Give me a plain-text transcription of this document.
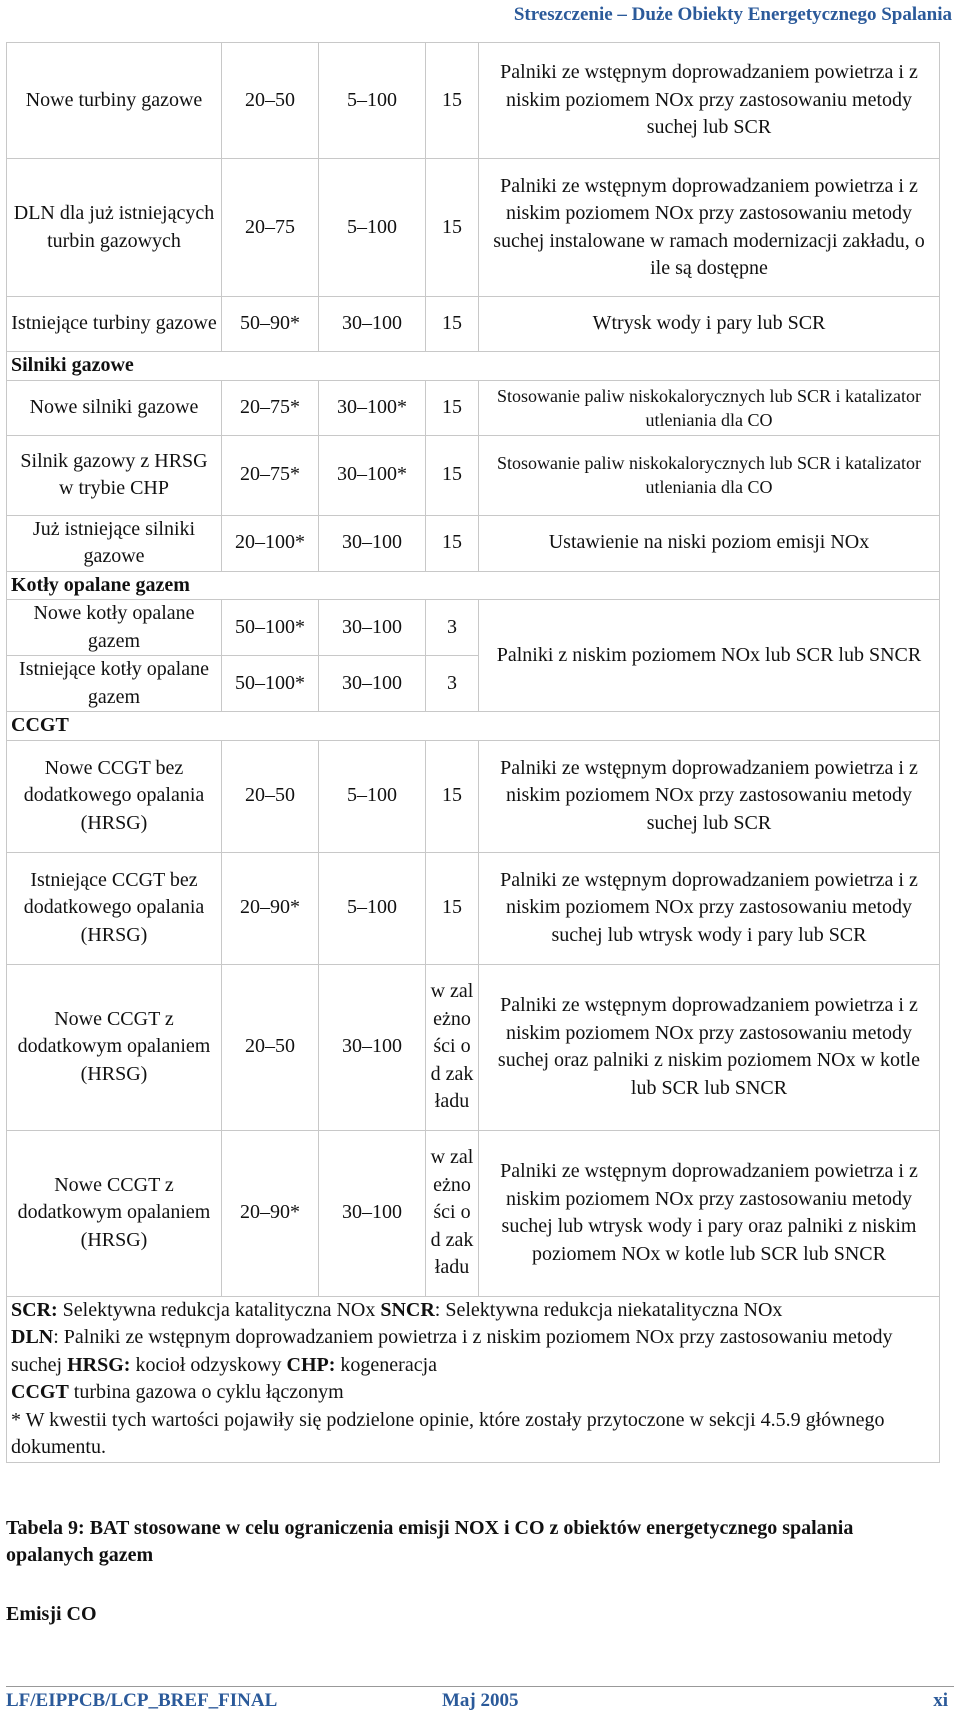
Streszczenie – Duże Obiekty Energetycznego Spalania
Nowe turbiny gazowe	20–50	5–100	15	Palniki ze wstępnym doprowadzaniem powietrza i z niskim poziomem NOx przy zastosowaniu metody suchej lub SCR
DLN dla już istniejących turbin gazowych	20–75	5–100	15	Palniki ze wstępnym doprowadzaniem powietrza i z niskim poziomem NOx przy zastosowaniu metody suchej instalowane w ramach modernizacji zakładu, o ile są dostępne
Istniejące turbiny gazowe	50–90*	30–100	15	Wtrysk wody i pary lub SCR
Silniki gazowe				
Nowe silniki gazowe	20–75*	30–100*	15	Stosowanie paliw niskokalorycznych lub SCR i katalizator utleniania dla CO
Silnik gazowy z HRSG w trybie CHP	20–75*	30–100*	15	Stosowanie paliw niskokalorycznych lub SCR i katalizator utleniania dla CO
Już istniejące silniki gazowe	20–100*	30–100	15	Ustawienie na niski poziom emisji NOx
Kotły opalane gazem				
Nowe kotły opalane gazem	50–100*	30–100	3	Palniki z niskim poziomem NOx lub SCR lub SNCR
Istniejące kotły opalane gazem	50–100*	30–100	3	
CCGT				
Nowe CCGT bez dodatkowego opalania (HRSG)	20–50	5–100	15	Palniki ze wstępnym doprowadzaniem powietrza i z niskim poziomem NOx przy zastosowaniu metody suchej lub SCR
Istniejące CCGT bez dodatkowego opalania (HRSG)	20–90*	5–100	15	Palniki ze wstępnym doprowadzaniem powietrza i z niskim poziomem NOx przy zastosowaniu metody suchej lub wtrysk wody i pary lub SCR
Nowe CCGT z dodatkowym opalaniem (HRSG)	20–50	30–100	w zależności od zakładu	Palniki ze wstępnym doprowadzaniem powietrza i z niskim poziomem NOx przy zastosowaniu metody suchej oraz palniki z niskim poziomem NOx w kotle lub SCR lub SNCR
Nowe CCGT z dodatkowym opalaniem (HRSG)	20–90*	30–100	w zależności od zakładu	Palniki ze wstępnym doprowadzaniem powietrza i z niskim poziomem NOx przy zastosowaniu metody suchej lub wtrysk wody i pary oraz palniki z niskim poziomem NOx w kotle lub SCR lub SNCR

SCR: Selektywna redukcja katalityczna NOx SNCR: Selektywna redukcja niekatalityczna NOx
DLN: Palniki ze wstępnym doprowadzaniem powietrza i z niskim poziomem NOx przy zastosowaniu metody suchej HRSG: kocioł odzyskowy CHP: kogeneracja
CCGT turbina gazowa o cyklu łączonym
* W kwestii tych wartości pojawiły się podzielone opinie, które zostały przytoczone w sekcji 4.5.9 głównego dokumentu.				
Tabela 9: BAT stosowane w celu ograniczenia emisji NOX i CO z obiektów energetycznego spalania opalanych gazem
Emisji CO
LF/EIPPCB/LCP_BREF_FINAL	Maj 2005	xi
